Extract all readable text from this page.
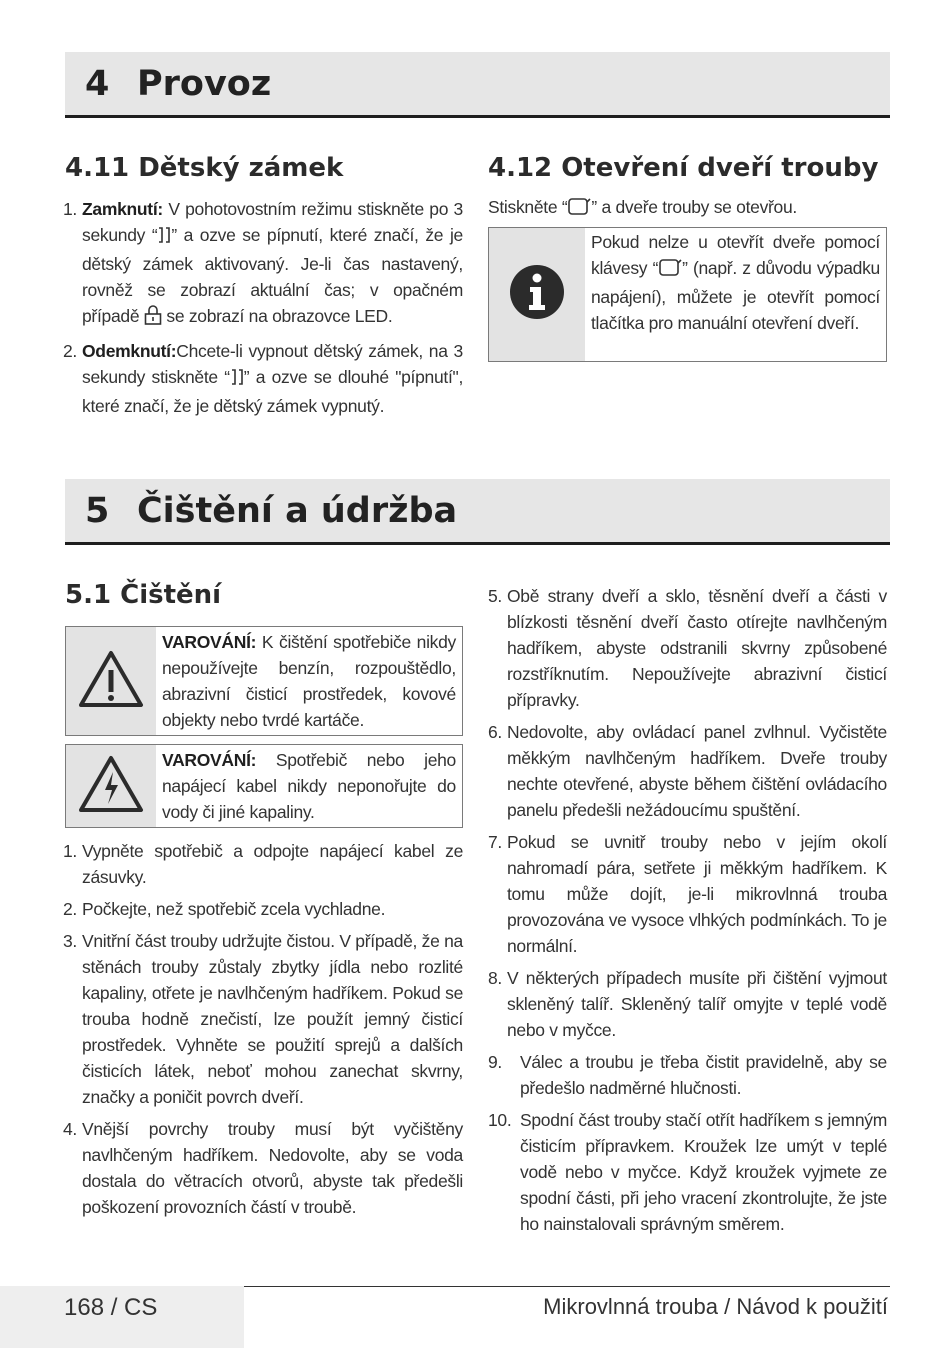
4 Provoz
4.11 Dětský zámek
1. Zamknutí: V pohotovostním režimu stiskněte po 3 sekundy “ ” a ozve se pípnutí, které značí, že je dětský zámek aktivovaný. Je-li čas nastavený, rovněž se zobrazí aktuální čas; v opačném případě  se zobrazí na obrazovce LED.
2. Odemknutí:Chcete-li vypnout dětský zámek, na 3 sekundy stiskněte “ ” a ozve se dlouhé "pípnutí", které značí, že je dětský zámek vypnutý.
4.12 Otevření dveří trouby
Stiskněte “ ” a dveře trouby se otevřou.
Pokud nelze u otevřít dveře pomocí klávesy “ ” (např. z důvodu výpadku napájení), můžete je otevřít pomocí tlačítka pro manuální otevření dveří.
5 Čištění a údržba
5.1 Čištění
VAROVÁNÍ: K čištění spotřebiče nikdy nepoužívejte benzín, rozpouštědlo, abrazivní čisticí prostředek, kovové objekty nebo tvrdé kartáče.
VAROVÁNÍ: Spotřebič nebo jeho napájecí kabel nikdy neponořujte do vody či jiné kapaliny.
1. Vypněte spotřebič a odpojte napájecí kabel ze zásuvky.
2. Počkejte, než spotřebič zcela vychladne.
3. Vnitřní část trouby udržujte čistou. V případě, že na stěnách trouby zůstaly zbytky jídla nebo rozlité kapaliny, otřete je navlhčeným hadříkem. Pokud se trouba hodně znečistí, lze použít jemný čisticí prostředek. Vyhněte se použití sprejů a dalších čisticích látek, neboť mohou zanechat skvrny, značky a poničit povrch dveří.
4. Vnější povrchy trouby musí být vyčištěny navlhčeným hadříkem. Nedovolte, aby se voda dostala do větracích otvorů, abyste tak předešli poškození provozních částí v troubě.
5. Obě strany dveří a sklo, těsnění dveří a části v blízkosti těsnění dveří často otírejte navlhčeným hadříkem, abyste odstranili skvrny způsobené rozstříknutím. Nepoužívejte abrazivní čisticí přípravky.
6. Nedovolte, aby ovládací panel zvlhnul. Vyčistěte měkkým navlhčeným hadříkem. Dveře trouby nechte otevřené, abyste během čištění ovládacího panelu předešli nežádoucímu spuštění.
7. Pokud se uvnitř trouby nebo v jejím okolí nahromadí pára, setřete ji měkkým hadříkem. K tomu může dojít, je-li mikrovlnná trouba provozována ve vysoce vlhkých podmínkách. To je normální.
8. V některých případech musíte při čištění vyjmout skleněný talíř. Skleněný talíř omyjte v teplé vodě nebo v myčce.
9.	Válec a troubu je třeba čistit pravidelně, aby se předešlo nadměrné hlučnosti.
10. Spodní část trouby stačí otřít hadříkem s jemným čisticím přípravkem. Kroužek lze umýt v teplé vodě nebo v myčce. Když kroužek vyjmete ze spodní části, při jeho vracení zkontrolujte, že jste ho nainstalovali správným směrem.
168 / CS	Mikrovlnná trouba / Návod k použití
